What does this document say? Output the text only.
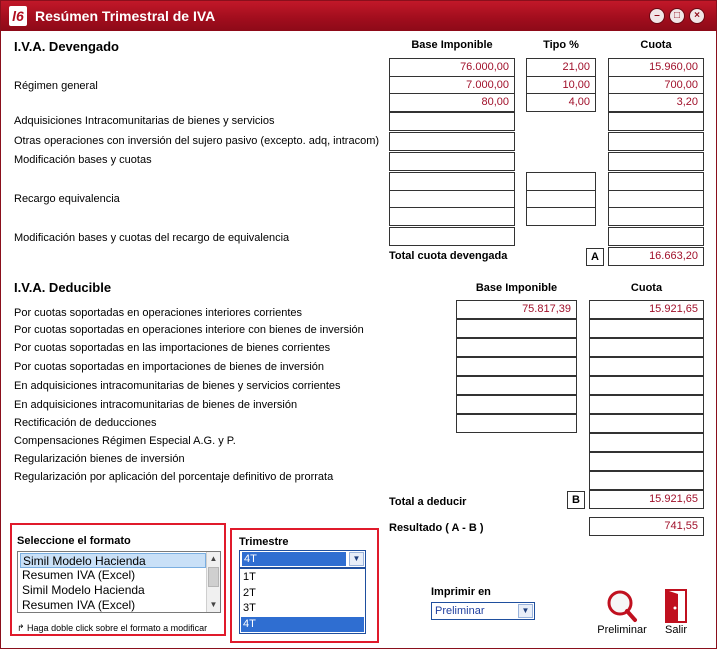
l6 Resúmen Trimestral de IVA	–	□	×
I.V.A. Devengado	Base Imponible	Tipo %	Cuota
Régimen general
76.000,00	21,00	15.960,00
7.000,00	10,00	700,00
80,00	4,00	3,20
Adquisiciones Intracomunitarias de bienes y servicios
Otras operaciones con inversión del sujero pasivo (excepto. adq, intracom)
Modificación bases y cuotas
Recargo equivalencia
Modificación bases y cuotas del recargo de equivalencia
Total cuota devengada	A	16.663,20
I.V.A. Deducible	Base Imponible	Cuota
Por cuotas soportadas en operaciones interiores corrientes	75.817,39	15.921,65
Por cuotas soportadas en operaciones interiore con bienes de inversión
Por cuotas soportadas en las importaciones de bienes corrientes
Por cuotas soportadas en importaciones de bienes de inversión
En adquisiciones intracomunitarias de bienes y servicios corrientes
En adquisiciones intracomunitarias de bienes de inversión
Rectificación de deducciones
Compensaciones Régimen Especial A.G. y P.
Regularización bienes de inversión
Regularización por aplicación del porcentaje definitivo de prorrata
Total a deducir	B	15.921,65
Resultado ( A - B )	741,55
Seleccione el formato
Simil Modelo Hacienda
Resumen IVA (Excel)
Simil Modelo Hacienda
Resumen IVA (Excel)
▲
▼
↱ Haga doble click sobre el formato a modificar
Trimestre
4T	▼
1T
2T
3T
4T
Imprimir en
Preliminar	▼
Preliminar	Salir
